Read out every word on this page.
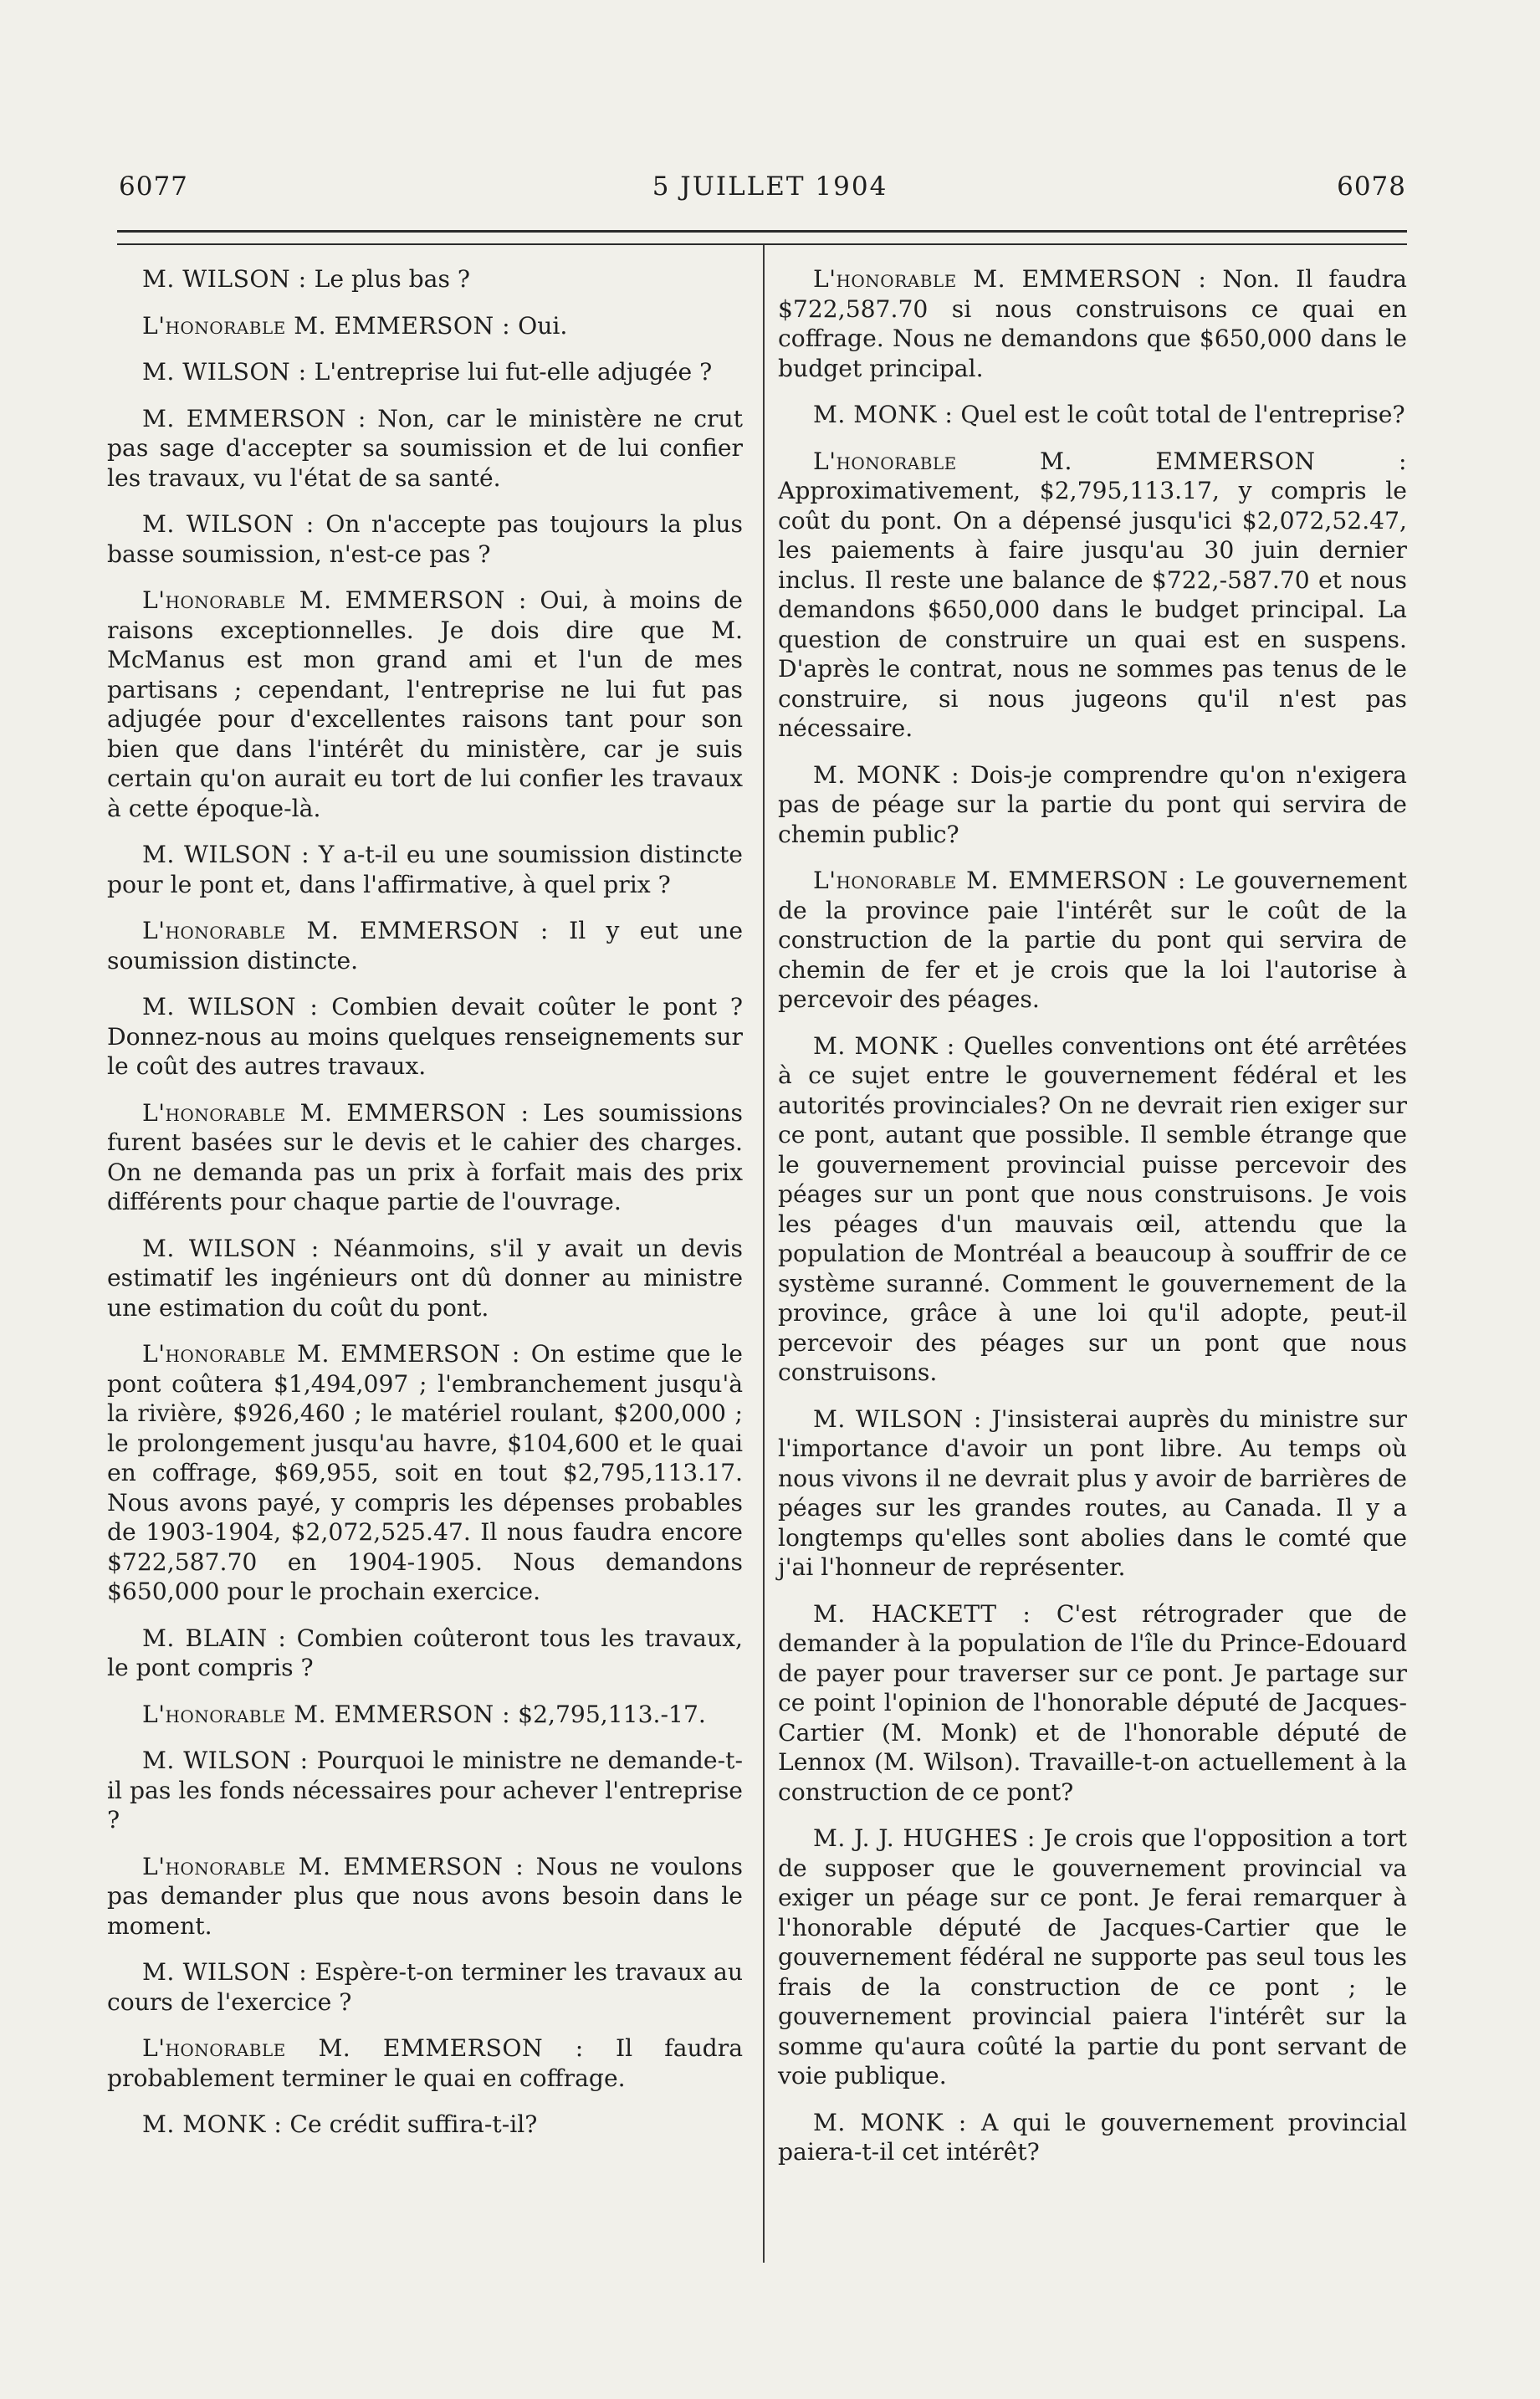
6077	5 JUILLET 1904	6078

M. WILSON : Le plus bas ?

L'honorable M. EMMERSON : Oui.

M. WILSON : L'entreprise lui fut-elle adjugée ?

M. EMMERSON : Non, car le ministère ne crut pas sage d'accepter sa soumission et de lui confier les travaux, vu l'état de sa santé.

M. WILSON : On n'accepte pas toujours la plus basse soumission, n'est-ce pas ?

L'honorable M. EMMERSON : Oui, à moins de raisons exceptionnelles. Je dois dire que M. McManus est mon grand ami et l'un de mes partisans ; cependant, l'entreprise ne lui fut pas adjugée pour d'excellentes raisons tant pour son bien que dans l'intérêt du ministère, car je suis certain qu'on aurait eu tort de lui confier les travaux à cette époque-là.

M. WILSON : Y a-t-il eu une soumission distincte pour le pont et, dans l'affirmative, à quel prix ?

L'honorable M. EMMERSON : Il y eut une soumission distincte.

M. WILSON : Combien devait coûter le pont ? Donnez-nous au moins quelques renseignements sur le coût des autres travaux.

L'honorable M. EMMERSON : Les soumissions furent basées sur le devis et le cahier des charges. On ne demanda pas un prix à forfait mais des prix différents pour chaque partie de l'ouvrage.

M. WILSON : Néanmoins, s'il y avait un devis estimatif les ingénieurs ont dû donner au ministre une estimation du coût du pont.

L'honorable M. EMMERSON : On estime que le pont coûtera $1,494,097 ; l'embranchement jusqu'à la rivière, $926,460 ; le matériel roulant, $200,000 ; le prolongement jusqu'au havre, $104,600 et le quai en coffrage, $69,955, soit en tout $2,795,113.17. Nous avons payé, y compris les dépenses probables de 1903-1904, $2,072,525.47. Il nous faudra encore $722,587.70 en 1904-1905. Nous demandons $650,000 pour le prochain exercice.

M. BLAIN : Combien coûteront tous les travaux, le pont compris ?

L'honorable M. EMMERSON : $2,795,113.-17.

M. WILSON : Pourquoi le ministre ne demande-t-il pas les fonds nécessaires pour achever l'entreprise ?

L'honorable M. EMMERSON : Nous ne voulons pas demander plus que nous avons besoin dans le moment.

M. WILSON : Espère-t-on terminer les travaux au cours de l'exercice ?

L'honorable M. EMMERSON : Il faudra probablement terminer le quai en coffrage.

M. MONK : Ce crédit suffira-t-il?

L'honorable M. EMMERSON : Non. Il faudra $722,587.70 si nous construisons ce quai en coffrage. Nous ne demandons que $650,000 dans le budget principal.

M. MONK : Quel est le coût total de l'entreprise?

L'honorable M. EMMERSON : Approximativement, $2,795,113.17, y compris le coût du pont. On a dépensé jusqu'ici $2,072,52.47, les paiements à faire jusqu'au 30 juin dernier inclus. Il reste une balance de $722,-587.70 et nous demandons $650,000 dans le budget principal. La question de construire un quai est en suspens. D'après le contrat, nous ne sommes pas tenus de le construire, si nous jugeons qu'il n'est pas nécessaire.

M. MONK : Dois-je comprendre qu'on n'exigera pas de péage sur la partie du pont qui servira de chemin public?

L'honorable M. EMMERSON : Le gouvernement de la province paie l'intérêt sur le coût de la construction de la partie du pont qui servira de chemin de fer et je crois que la loi l'autorise à percevoir des péages.

M. MONK : Quelles conventions ont été arrêtées à ce sujet entre le gouvernement fédéral et les autorités provinciales? On ne devrait rien exiger sur ce pont, autant que possible. Il semble étrange que le gouvernement provincial puisse percevoir des péages sur un pont que nous construisons. Je vois les péages d'un mauvais œil, attendu que la population de Montréal a beaucoup à souffrir de ce système suranné. Comment le gouvernement de la province, grâce à une loi qu'il adopte, peut-il percevoir des péages sur un pont que nous construisons.

M. WILSON : J'insisterai auprès du ministre sur l'importance d'avoir un pont libre. Au temps où nous vivons il ne devrait plus y avoir de barrières de péages sur les grandes routes, au Canada. Il y a longtemps qu'elles sont abolies dans le comté que j'ai l'honneur de représenter.

M. HACKETT : C'est rétrograder que de demander à la population de l'île du Prince-Edouard de payer pour traverser sur ce pont. Je partage sur ce point l'opinion de l'honorable député de Jacques-Cartier (M. Monk) et de l'honorable député de Lennox (M. Wilson). Travaille-t-on actuellement à la construction de ce pont?

M. J. J. HUGHES : Je crois que l'opposition a tort de supposer que le gouvernement provincial va exiger un péage sur ce pont. Je ferai remarquer à l'honorable député de Jacques-Cartier que le gouvernement fédéral ne supporte pas seul tous les frais de la construction de ce pont ; le gouvernement provincial paiera l'intérêt sur la somme qu'aura coûté la partie du pont servant de voie publique.

M. MONK : A qui le gouvernement provincial paiera-t-il cet intérêt?
